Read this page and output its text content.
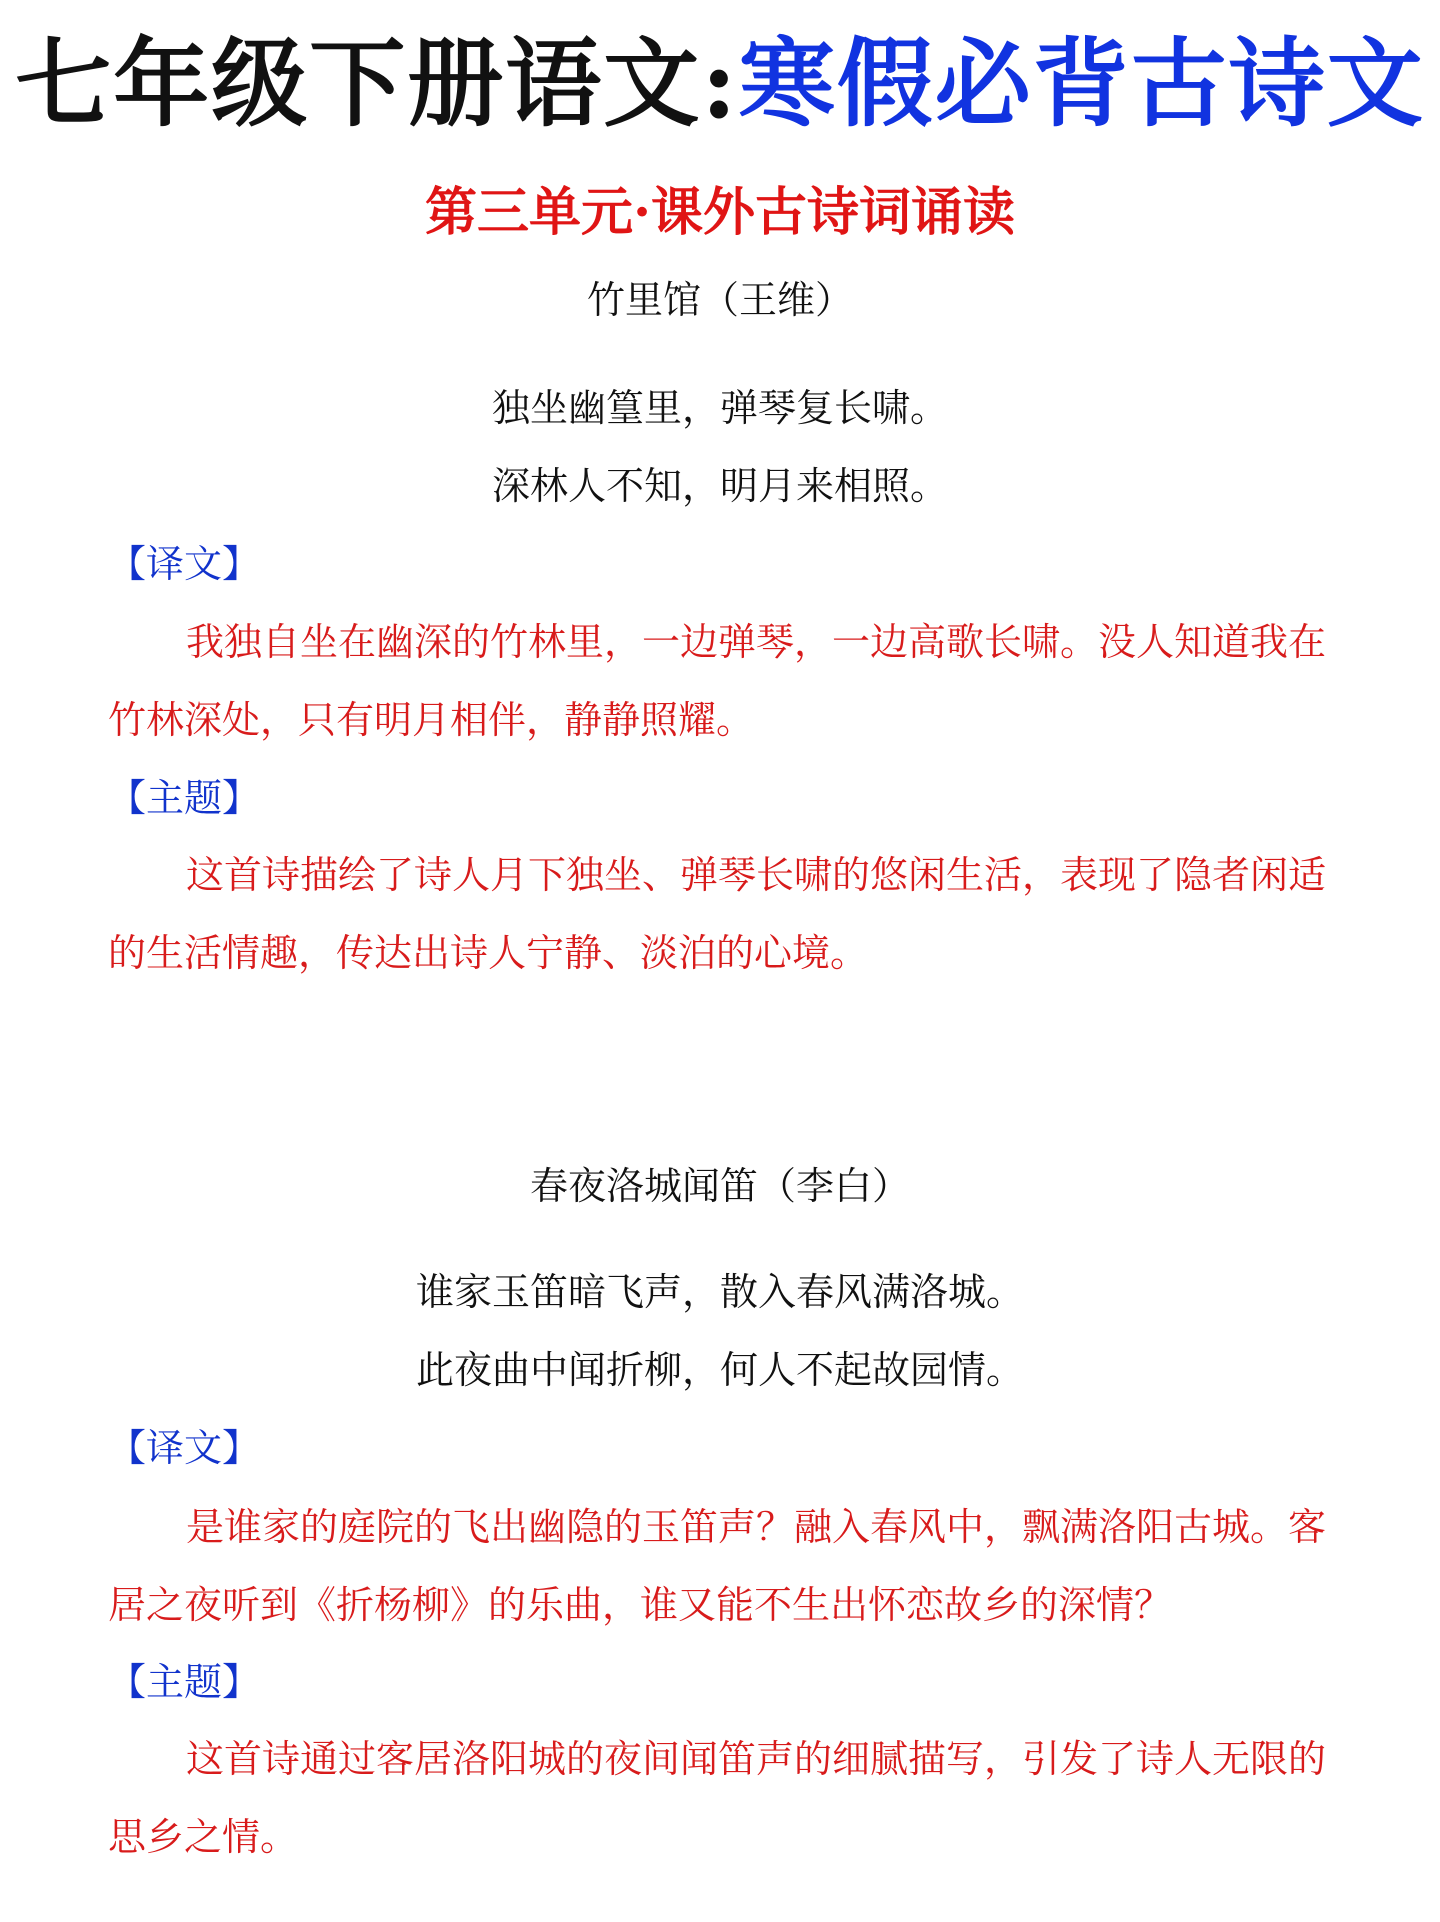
七年级下册语文:寒假必背古诗文
第三单元·课外古诗词诵读
竹里馆（王维）
独坐幽篁里，弹琴复长啸。
深林人不知，明月来相照。
【译文】

我独自坐在幽深的竹林里，一边弹琴，一边高歌长啸。没人知道我在竹林深处，只有明月相伴，静静照耀。

【主题】

这首诗描绘了诗人月下独坐、弹琴长啸的悠闲生活，表现了隐者闲适的生活情趣，传达出诗人宁静、淡泊的心境。

春夜洛城闻笛（李白）
谁家玉笛暗飞声，散入春风满洛城。
此夜曲中闻折柳，何人不起故园情。
【译文】

是谁家的庭院的飞出幽隐的玉笛声？融入春风中，飘满洛阳古城。客居之夜听到《折杨柳》的乐曲，谁又能不生出怀恋故乡的深情？

【主题】

这首诗通过客居洛阳城的夜间闻笛声的细腻描写，引发了诗人无限的思乡之情。
